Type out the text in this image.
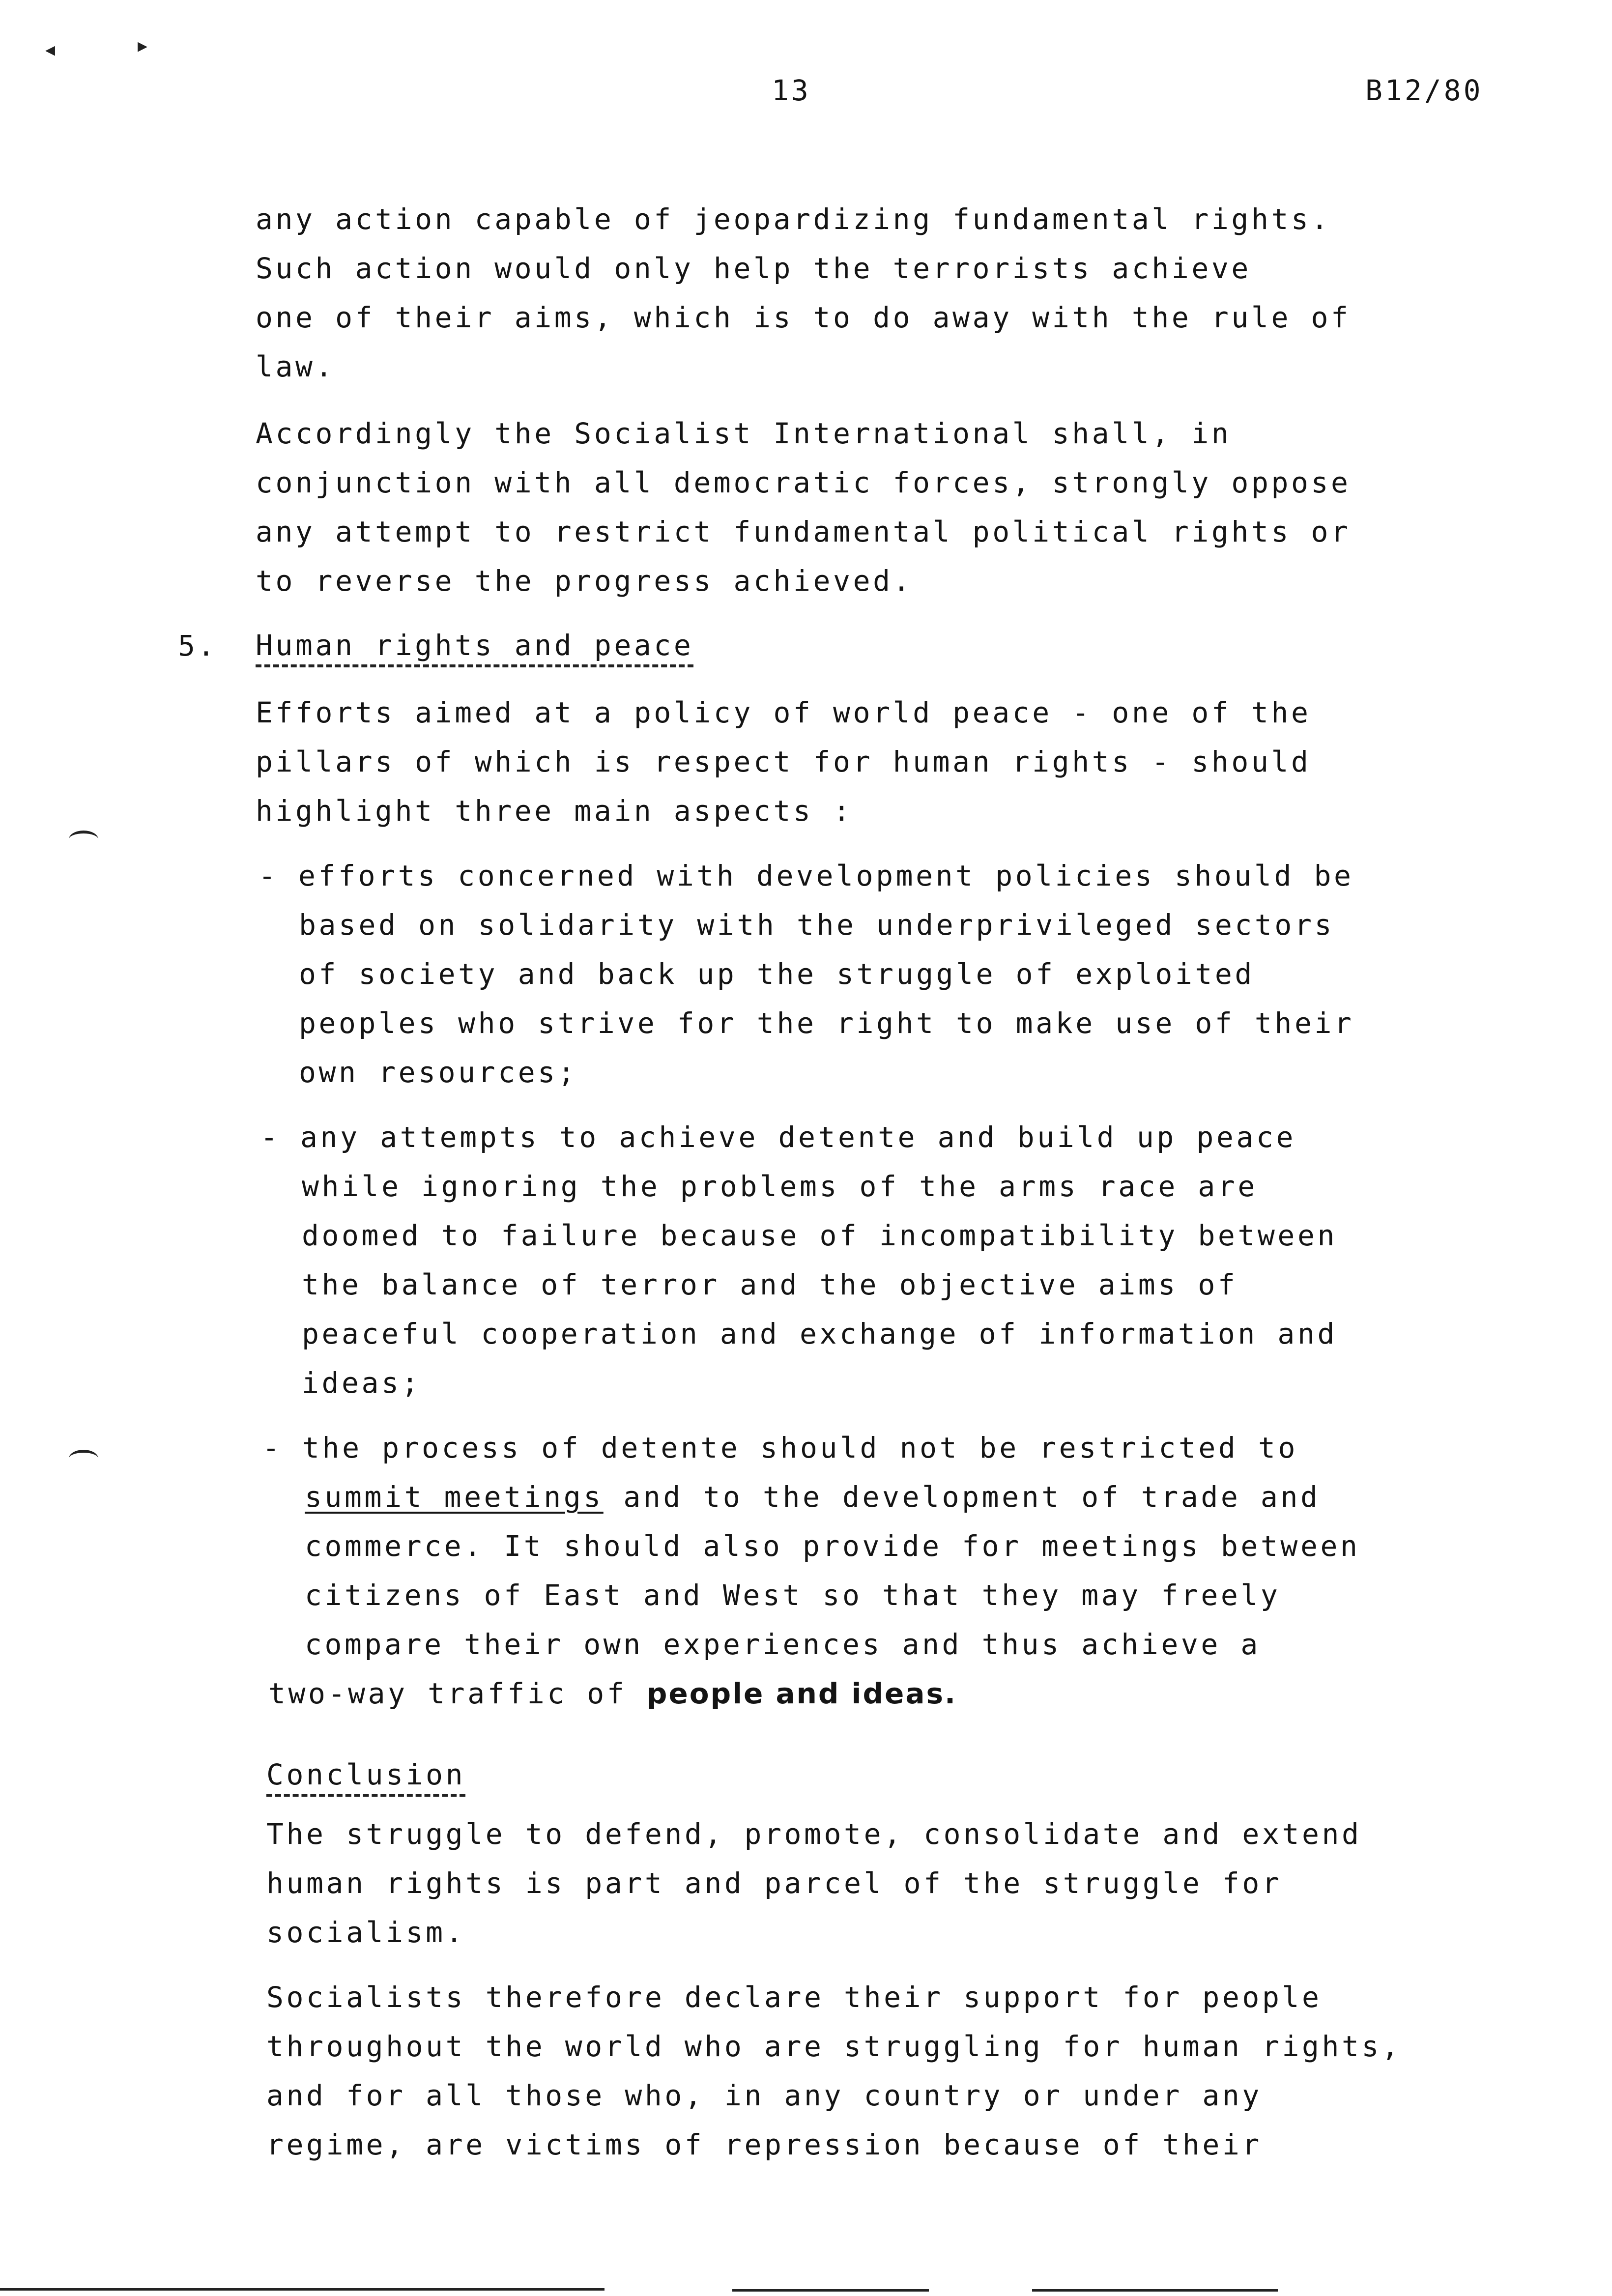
◂	▸
13	B12/80
any action capable of jeopardizing fundamental rights.
Such action would only help the terrorists achieve
one of their aims, which is to do away with the rule of
law.
Accordingly the Socialist International shall, in
conjunction with all democratic forces, strongly oppose
any attempt to restrict fundamental political rights or
to reverse the progress achieved.
5. Human rights and peace
Efforts aimed at a policy of world peace - one of the
pillars of which is respect for human rights - should
highlight three main aspects :
- efforts concerned with development policies should be
based on solidarity with the underprivileged sectors
of society and back up the struggle of exploited
peoples who strive for the right to make use of their
own resources;
- any attempts to achieve detente and build up peace
while ignoring the problems of the arms race are
doomed to failure because of incompatibility between
the balance of terror and the objective aims of
peaceful cooperation and exchange of information and
ideas;
- the process of detente should not be restricted to
summit meetings and to the development of trade and
commerce. It should also provide for meetings between
citizens of East and West so that they may freely
compare their own experiences and thus achieve a
two-way traffic of people and ideas.
Conclusion
The struggle to defend, promote, consolidate and extend
human rights is part and parcel of the struggle for
socialism.
Socialists therefore declare their support for people
throughout the world who are struggling for human rights,
and for all those who, in any country or under any
regime, are victims of repression because of their
